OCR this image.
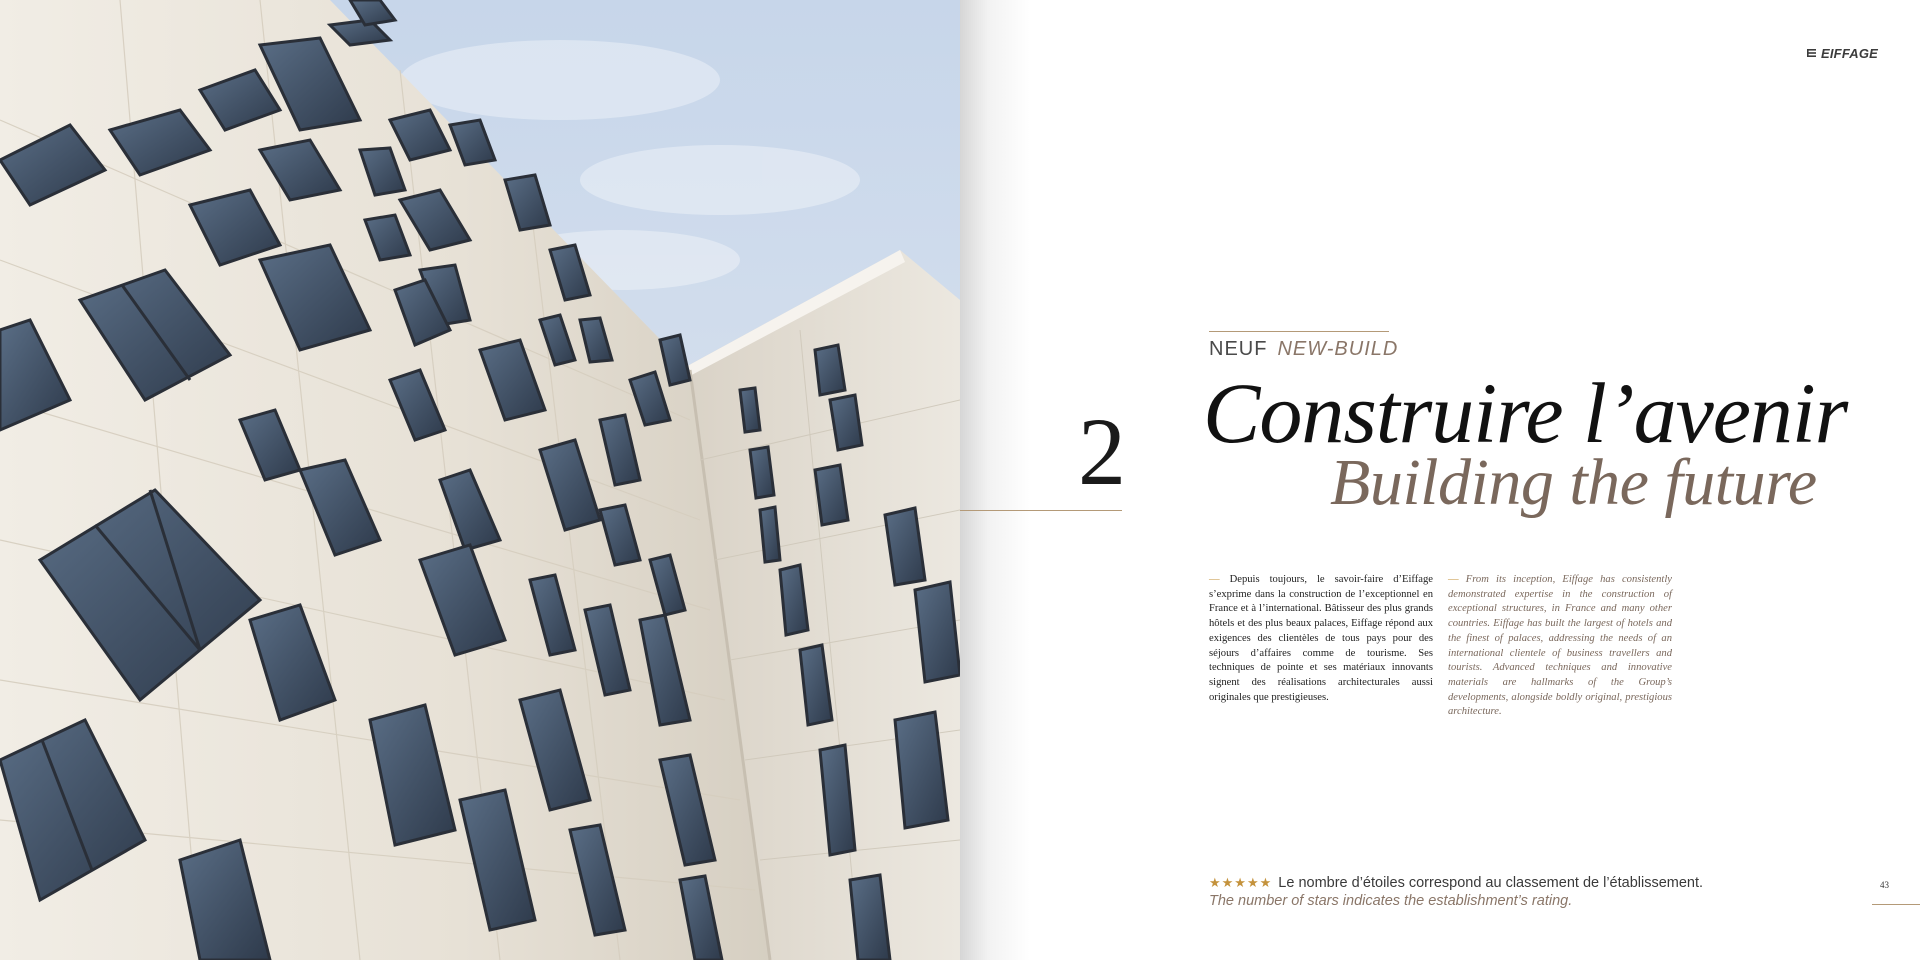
EIFFAGE
NEUF NEW-BUILD
2 Construire l’avenir
Building the future
— Depuis toujours, le savoir-faire d’Eiffage s’exprime dans la construction de l’exceptionnel en France et à l’international. Bâtisseur des plus grands hôtels et des plus beaux palaces, Eiffage répond aux exigences des clientèles de tous pays pour des séjours d’affaires comme de tourisme. Ses techniques de pointe et ses matériaux innovants signent des réalisations architecturales aussi originales que prestigieuses.
— From its inception, Eiffage has consistently demonstrated expertise in the construction of exceptional structures, in France and many other countries. Eiffage has built the largest of hotels and the finest of palaces, addressing the needs of an international clientele of business travellers and tourists. Advanced techniques and innovative materials are hallmarks of the Group’s developments, alongside boldly original, prestigious architecture.
★★★★★ Le nombre d’étoiles correspond au classement de l’établissement.
The number of stars indicates the establishment’s rating.
43
